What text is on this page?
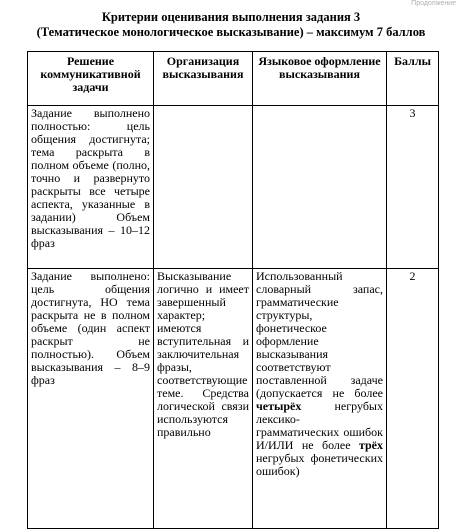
Продолжение
Критерии оценивания выполнения задания 3
(Тематическое монологическое высказывание) – максимум 7 баллов
Решение коммуникативной задачи	Организация высказывания	Языковое оформление высказывания	Баллы
Задание выполнено полностью: цель общения достигнута; тема раскрыта в полном объеме (полно, точно и развернуто раскрыты все четыре аспекта, указанные в задании) Объем высказывания – 10–12 фраз			3
Задание выполнено: цель общения достигнута, НО тема раскрыта не в полном объеме (один аспект раскрыт не полностью). Объем высказывания – 8–9 фраз	Высказывание логично и имеет завершенный характер; имеются вступительная и заключительная фразы, соответствующие теме. Средства логической связи используются правильно	Использованный словарный запас, грамматические структуры, фонетическое оформление высказывания соответствуют поставленной задаче (допускается не более четырёх негрубых лексико-грамматических ошибок И/ИЛИ не более трёх негрубых фонетических ошибок)	2
